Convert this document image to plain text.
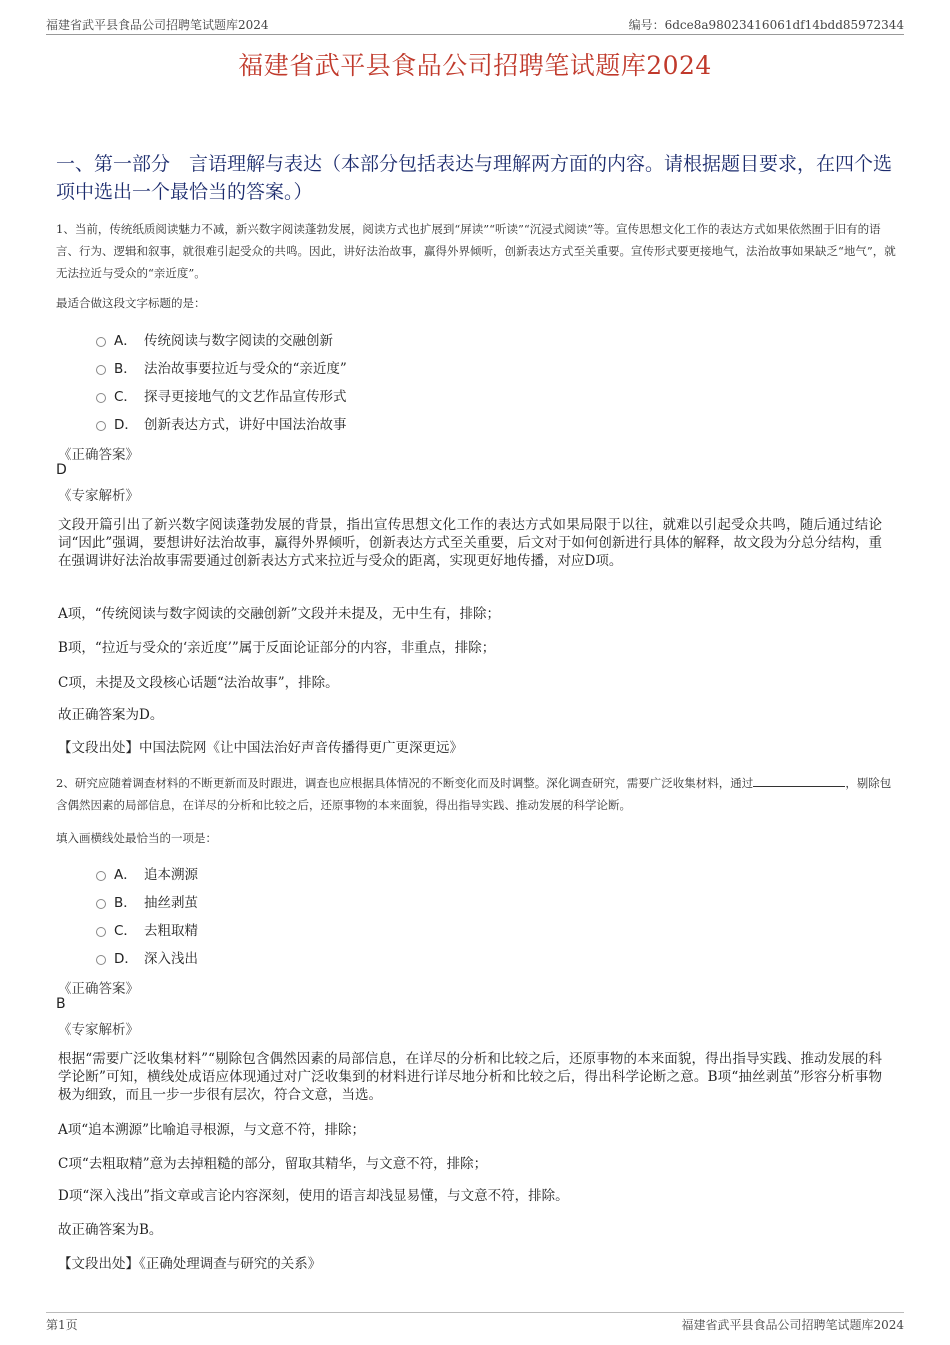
福建省武平县食品公司招聘笔试题库2024	编号：6dce8a98023416061df14bdd85972344
福建省武平县食品公司招聘笔试题库2024
一、第一部分　言语理解与表达（本部分包括表达与理解两方面的内容。请根据题目要求，在四个选项中选出一个最恰当的答案。）
1、当前，传统纸质阅读魅力不减，新兴数字阅读蓬勃发展，阅读方式也扩展到“屏读”“听读”“沉浸式阅读”等。宣传思想文化工作的表达方式如果依然囿于旧有的语言、行为、逻辑和叙事，就很难引起受众的共鸣。因此，讲好法治故事，赢得外界倾听，创新表达方式至关重要。宣传形式要更接地气，法治故事如果缺乏“地气”，就无法拉近与受众的“亲近度”。
最适合做这段文字标题的是：
A． 传统阅读与数字阅读的交融创新
B． 法治故事要拉近与受众的“亲近度”
C． 探寻更接地气的文艺作品宣传形式
D． 创新表达方式，讲好中国法治故事
《正确答案》
D
《专家解析》
文段开篇引出了新兴数字阅读蓬勃发展的背景，指出宣传思想文化工作的表达方式如果局限于以往，就难以引起受众共鸣，随后通过结论词“因此”强调，要想讲好法治故事，赢得外界倾听，创新表达方式至关重要，后文对于如何创新进行具体的解释，故文段为分总分结构，重在强调讲好法治故事需要通过创新表达方式来拉近与受众的距离，实现更好地传播，对应D项。
A项，“传统阅读与数字阅读的交融创新”文段并未提及，无中生有，排除；
B项，“拉近与受众的‘亲近度’”属于反面论证部分的内容，非重点，排除；
C项，未提及文段核心话题“法治故事”，排除。
故正确答案为D。
【文段出处】中国法院网《让中国法治好声音传播得更广更深更远》
2、研究应随着调查材料的不断更新而及时跟进，调查也应根据具体情况的不断变化而及时调整。深化调查研究，需要广泛收集材料，通过	，剔除包含偶然因素的局部信息，在详尽的分析和比较之后，还原事物的本来面貌，得出指导实践、推动发展的科学论断。
填入画横线处最恰当的一项是：
A． 追本溯源
B． 抽丝剥茧
C． 去粗取精
D． 深入浅出
《正确答案》
B
《专家解析》
根据“需要广泛收集材料”“剔除包含偶然因素的局部信息，在详尽的分析和比较之后，还原事物的本来面貌，得出指导实践、推动发展的科学论断”可知，横线处成语应体现通过对广泛收集到的材料进行详尽地分析和比较之后，得出科学论断之意。B项“抽丝剥茧”形容分析事物极为细致，而且一步一步很有层次，符合文意，当选。
A项“追本溯源”比喻追寻根源，与文意不符，排除；
C项“去粗取精”意为去掉粗糙的部分，留取其精华，与文意不符，排除；
D项“深入浅出”指文章或言论内容深刻，使用的语言却浅显易懂，与文意不符，排除。
故正确答案为B。
【文段出处】《正确处理调查与研究的关系》
第1页	福建省武平县食品公司招聘笔试题库2024
